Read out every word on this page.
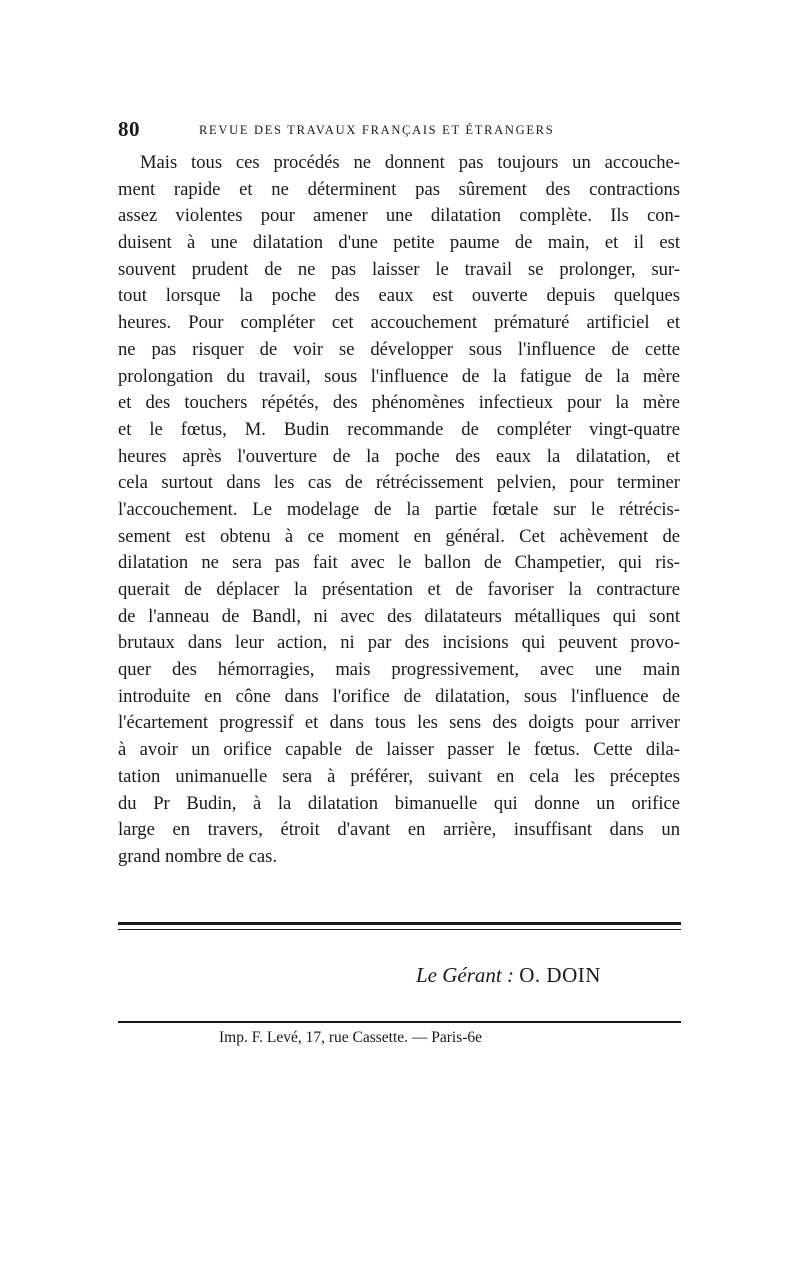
80	REVUE DES TRAVAUX FRANÇAIS ET ÉTRANGERS
Mais tous ces procédés ne donnent pas toujours un accouche-
ment rapide et ne déterminent pas sûrement des contractions
assez violentes pour amener une dilatation complète. Ils con-
duisent à une dilatation d'une petite paume de main, et il est
souvent prudent de ne pas laisser le travail se prolonger, sur-
tout lorsque la poche des eaux est ouverte depuis quelques
heures. Pour compléter cet accouchement prématuré artificiel et
ne pas risquer de voir se développer sous l'influence de cette
prolongation du travail, sous l'influence de la fatigue de la mère
et des touchers répétés, des phénomènes infectieux pour la mère
et le fœtus, M. Budin recommande de compléter vingt-quatre
heures après l'ouverture de la poche des eaux la dilatation, et
cela surtout dans les cas de rétrécissement pelvien, pour terminer
l'accouchement. Le modelage de la partie fœtale sur le rétrécis-
sement est obtenu à ce moment en général. Cet achèvement de
dilatation ne sera pas fait avec le ballon de Champetier, qui ris-
querait de déplacer la présentation et de favoriser la contracture
de l'anneau de Bandl, ni avec des dilatateurs métalliques qui sont
brutaux dans leur action, ni par des incisions qui peuvent provo-
quer des hémorragies, mais progressivement, avec une main
introduite en cône dans l'orifice de dilatation, sous l'influence de
l'écartement progressif et dans tous les sens des doigts pour arriver
à avoir un orifice capable de laisser passer le fœtus. Cette dila-
tation unimanuelle sera à préférer, suivant en cela les préceptes
du Pr Budin, à la dilatation bimanuelle qui donne un orifice
large en travers, étroit d'avant en arrière, insuffisant dans un
grand nombre de cas.
Le Gérant : O. DOIN
Imp. F. Levé, 17, rue Cassette. — Paris-6e
